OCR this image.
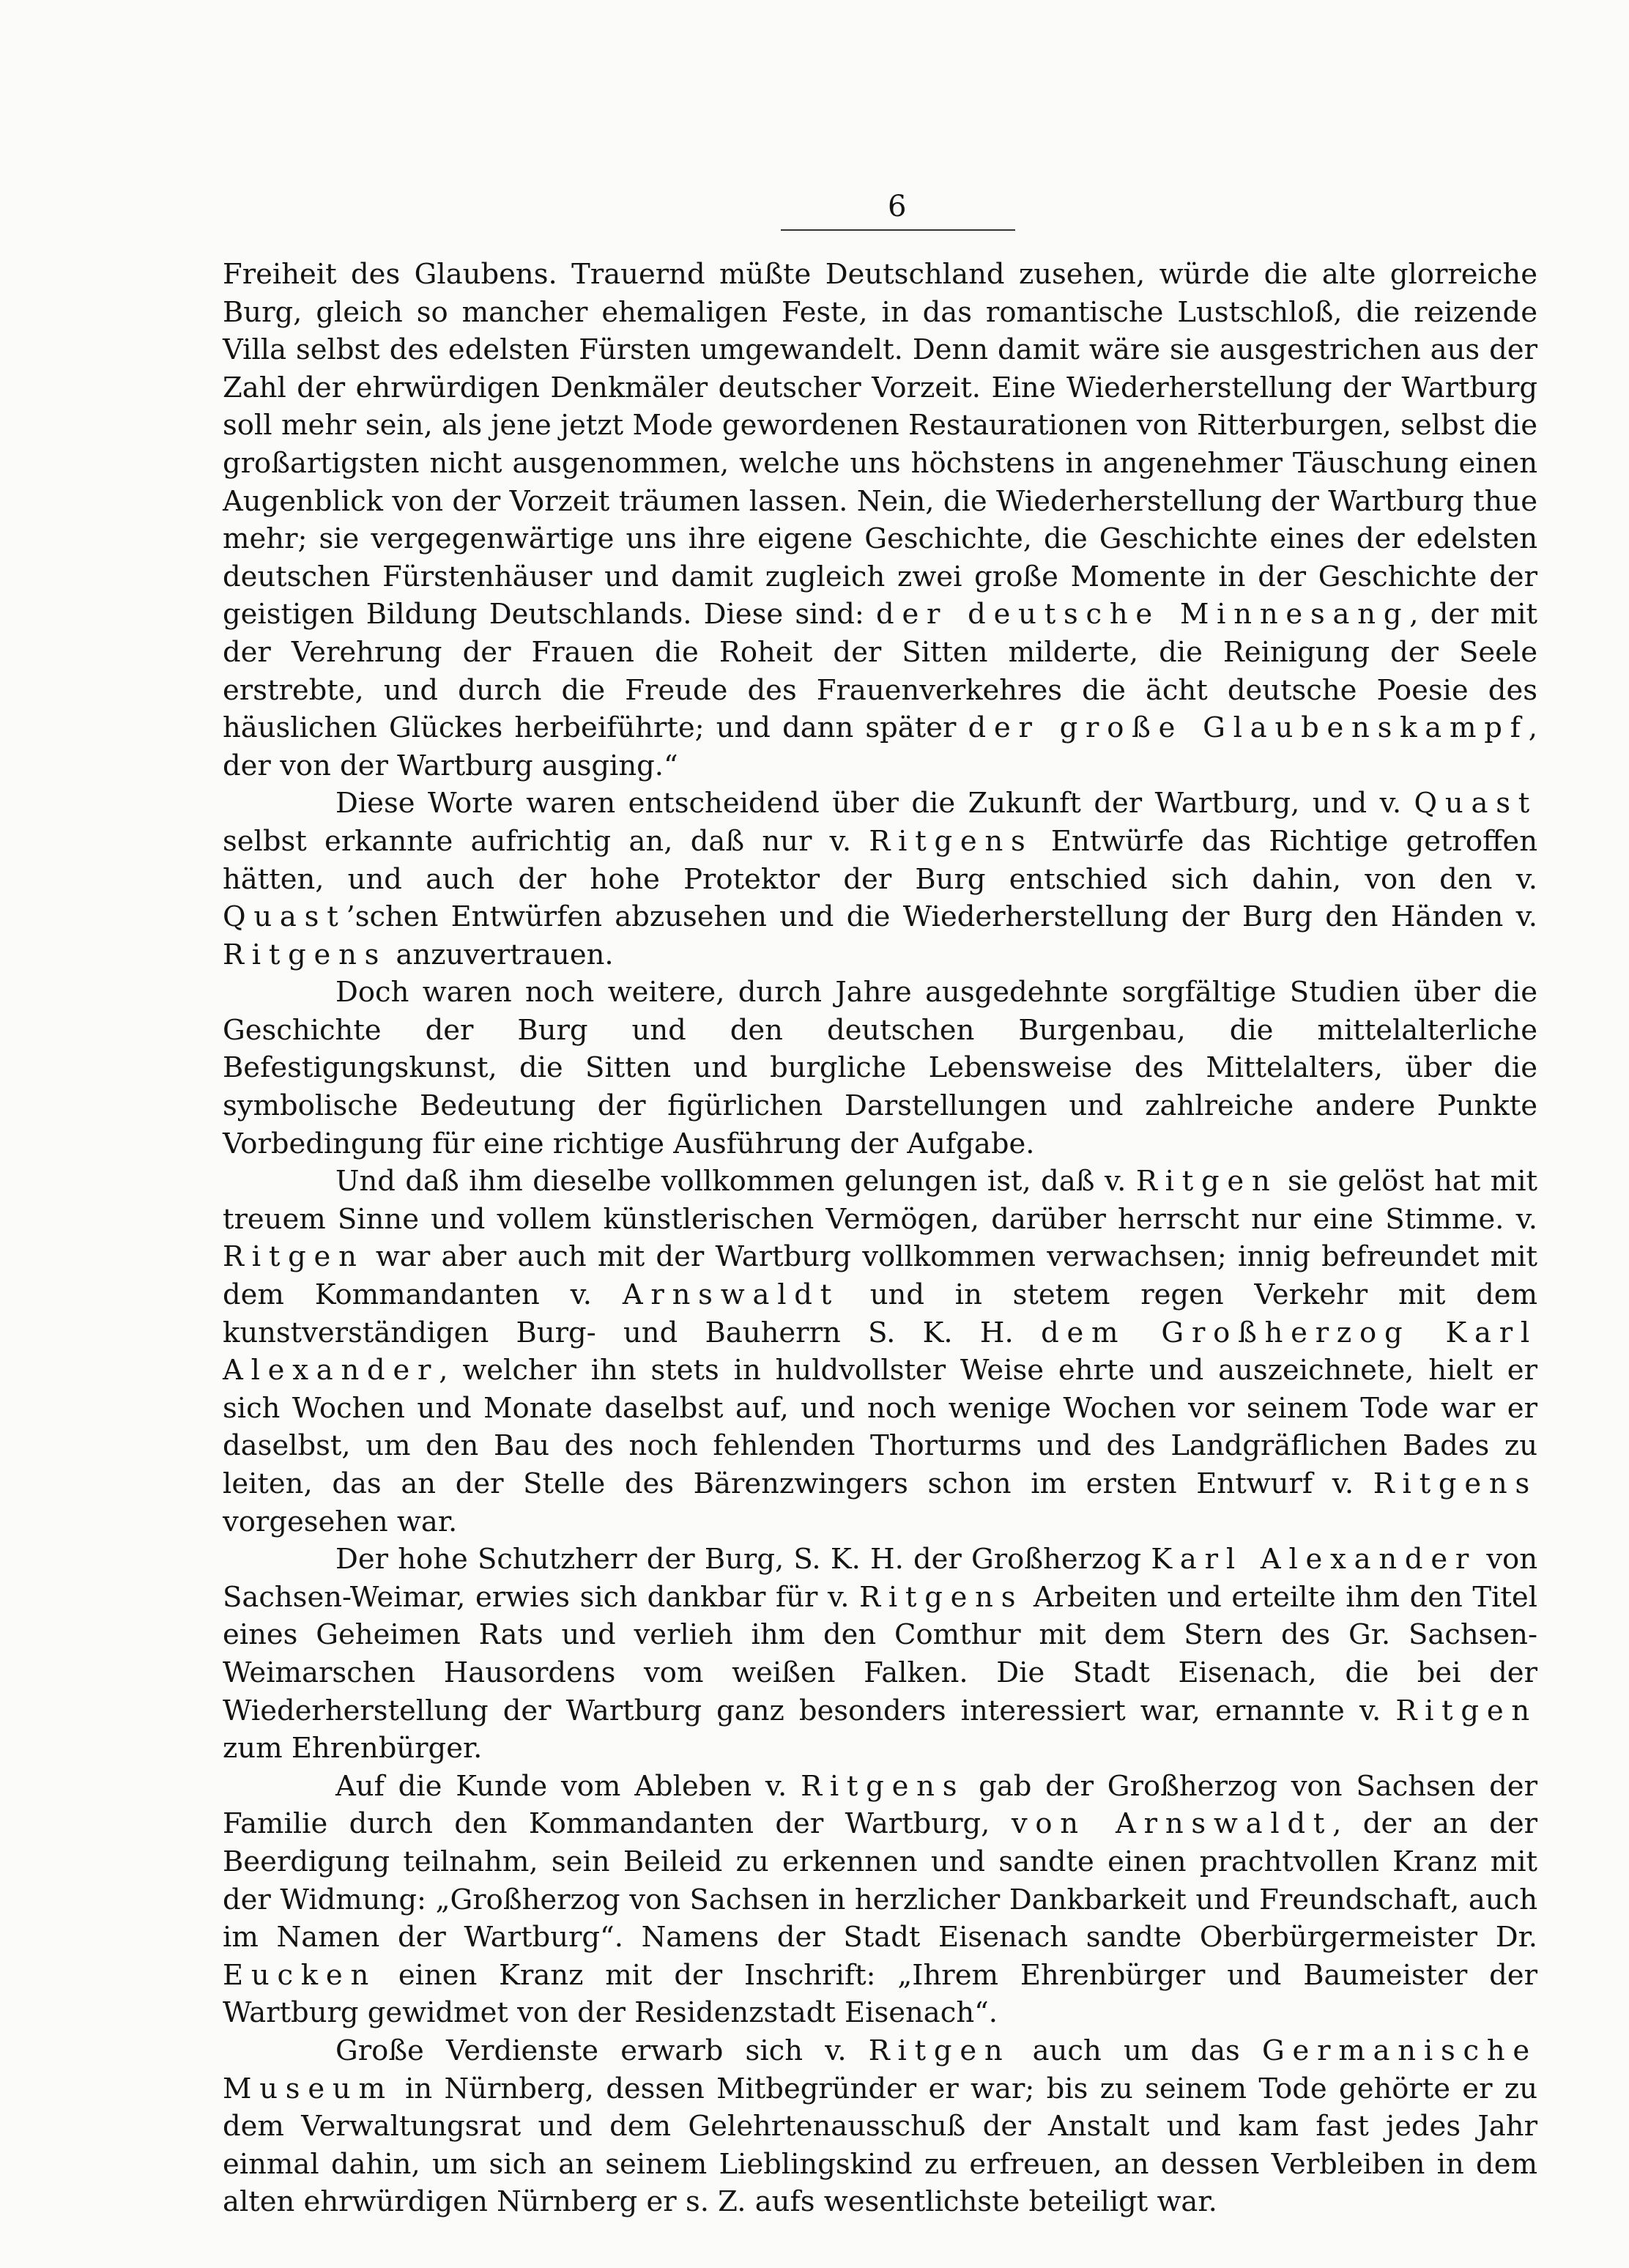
6

Freiheit des Glaubens. Trauernd müßte Deutschland zusehen, würde die alte glorreiche Burg, gleich so mancher ehemaligen Feste, in das romantische Lustschloß, die reizende Villa selbst des edelsten Fürsten umgewandelt. Denn damit wäre sie ausgestrichen aus der Zahl der ehrwürdigen Denkmäler deutscher Vorzeit. Eine Wiederherstellung der Wartburg soll mehr sein, als jene jetzt Mode gewordenen Restaurationen von Ritterburgen, selbst die großartigsten nicht ausgenommen, welche uns höchstens in angenehmer Täuschung einen Augenblick von der Vorzeit träumen lassen. Nein, die Wiederherstellung der Wartburg thue mehr; sie vergegenwärtige uns ihre eigene Geschichte, die Geschichte eines der edelsten deutschen Fürstenhäuser und damit zugleich zwei große Momente in der Geschichte der geistigen Bildung Deutschlands. Diese sind: der deutsche Minnesang, der mit der Verehrung der Frauen die Roheit der Sitten milderte, die Reinigung der Seele erstrebte, und durch die Freude des Frauenverkehres die ächt deutsche Poesie des häuslichen Glückes herbeiführte; und dann später der große Glaubenskampf, der von der Wartburg ausging.“

Diese Worte waren entscheidend über die Zukunft der Wartburg, und v. Quast selbst erkannte aufrichtig an, daß nur v. Ritgens Entwürfe das Richtige getroffen hätten, und auch der hohe Protektor der Burg entschied sich dahin, von den v. Quast’schen Entwürfen abzusehen und die Wiederherstellung der Burg den Händen v. Ritgens anzuvertrauen.

Doch waren noch weitere, durch Jahre ausgedehnte sorgfältige Studien über die Geschichte der Burg und den deutschen Burgenbau, die mittelalterliche Befestigungskunst, die Sitten und burgliche Lebensweise des Mittelalters, über die symbolische Bedeutung der figürlichen Darstellungen und zahlreiche andere Punkte Vorbedingung für eine richtige Ausführung der Aufgabe.

Und daß ihm dieselbe vollkommen gelungen ist, daß v. Ritgen sie gelöst hat mit treuem Sinne und vollem künstlerischen Vermögen, darüber herrscht nur eine Stimme. v. Ritgen war aber auch mit der Wartburg vollkommen verwachsen; innig befreundet mit dem Kommandanten v. Arnswaldt und in stetem regen Verkehr mit dem kunstverständigen Burg- und Bauherrn S. K. H. dem Großherzog Karl Alexander, welcher ihn stets in huldvollster Weise ehrte und auszeichnete, hielt er sich Wochen und Monate daselbst auf, und noch wenige Wochen vor seinem Tode war er daselbst, um den Bau des noch fehlenden Thorturms und des Landgräflichen Bades zu leiten, das an der Stelle des Bärenzwingers schon im ersten Entwurf v. Ritgens vorgesehen war.

Der hohe Schutzherr der Burg, S. K. H. der Großherzog Karl Alexander von Sachsen-Weimar, erwies sich dankbar für v. Ritgens Arbeiten und erteilte ihm den Titel eines Geheimen Rats und verlieh ihm den Comthur mit dem Stern des Gr. Sachsen-Weimarschen Hausordens vom weißen Falken. Die Stadt Eisenach, die bei der Wiederherstellung der Wartburg ganz besonders interessiert war, ernannte v. Ritgen zum Ehrenbürger.

Auf die Kunde vom Ableben v. Ritgens gab der Großherzog von Sachsen der Familie durch den Kommandanten der Wartburg, von Arnswaldt, der an der Beerdigung teilnahm, sein Beileid zu erkennen und sandte einen prachtvollen Kranz mit der Widmung: „Großherzog von Sachsen in herzlicher Dankbarkeit und Freundschaft, auch im Namen der Wartburg“. Namens der Stadt Eisenach sandte Oberbürgermeister Dr. Eucken einen Kranz mit der Inschrift: „Ihrem Ehrenbürger und Baumeister der Wartburg gewidmet von der Residenzstadt Eisenach“.

Große Verdienste erwarb sich v. Ritgen auch um das Germanische Museum in Nürnberg, dessen Mitbegründer er war; bis zu seinem Tode gehörte er zu dem Verwaltungsrat und dem Gelehrtenausschuß der Anstalt und kam fast jedes Jahr einmal dahin, um sich an seinem Lieblingskind zu erfreuen, an dessen Verbleiben in dem alten ehrwürdigen Nürnberg er s. Z. aufs wesentlichste beteiligt war.
